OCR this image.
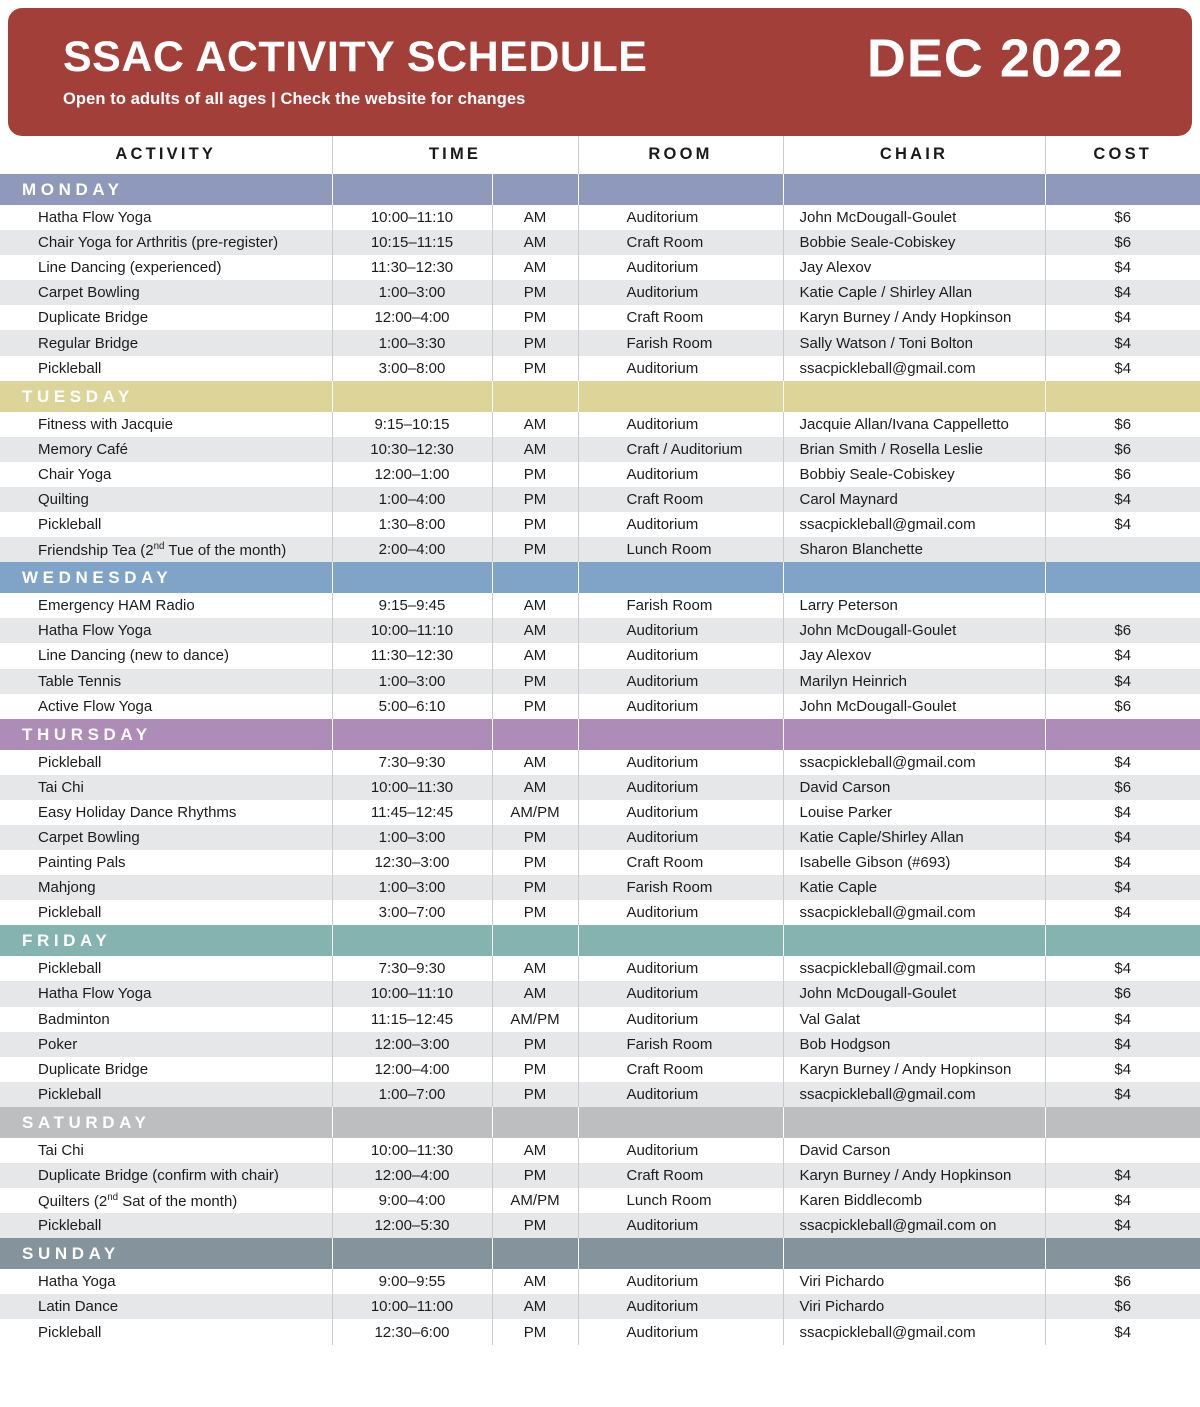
SSAC ACTIVITY SCHEDULE
Open to adults of all ages | Check the website for changes
DEC 2022
ACTIVITY	TIME		ROOM	CHAIR	COST

MONDAY					

Hatha Flow Yoga	10:00–11:10	AM	Auditorium	John McDougall-Goulet	$6
Chair Yoga for Arthritis (pre-register)	10:15–11:15	AM	Craft Room	Bobbie Seale-Cobiskey	$6
Line Dancing (experienced)	11:30–12:30	AM	Auditorium	Jay Alexov	$4
Carpet Bowling	1:00–3:00	PM	Auditorium	Katie Caple / Shirley Allan	$4
Duplicate Bridge	12:00–4:00	PM	Craft Room	Karyn Burney / Andy Hopkinson	$4
Regular Bridge	1:00–3:30	PM	Farish Room	Sally Watson / Toni Bolton	$4
Pickleball	3:00–8:00	PM	Auditorium	ssacpickleball@gmail.com	$4

TUESDAY					

Fitness with Jacquie	9:15–10:15	AM	Auditorium	Jacquie Allan/Ivana Cappelletto	$6
Memory Café	10:30–12:30	AM	Craft / Auditorium	Brian Smith / Rosella Leslie	$6
Chair Yoga	12:00–1:00	PM	Auditorium	Bobbiy Seale-Cobiskey	$6
Quilting	1:00–4:00	PM	Craft Room	Carol Maynard	$4
Pickleball	1:30–8:00	PM	Auditorium	ssacpickleball@gmail.com	$4
Friendship Tea (2nd Tue of the month)	2:00–4:00	PM	Lunch Room	Sharon Blanchette	

WEDNESDAY					

Emergency HAM Radio	9:15–9:45	AM	Farish Room	Larry Peterson	
Hatha Flow Yoga	10:00–11:10	AM	Auditorium	John McDougall-Goulet	$6
Line Dancing (new to dance)	11:30–12:30	AM	Auditorium	Jay Alexov	$4
Table Tennis	1:00–3:00	PM	Auditorium	Marilyn Heinrich	$4
Active Flow Yoga	5:00–6:10	PM	Auditorium	John McDougall-Goulet	$6

THURSDAY					

Pickleball	7:30–9:30	AM	Auditorium	ssacpickleball@gmail.com	$4
Tai Chi	10:00–11:30	AM	Auditorium	David Carson	$6
Easy Holiday Dance Rhythms	11:45–12:45	AM/PM	Auditorium	Louise Parker	$4
Carpet Bowling	1:00–3:00	PM	Auditorium	Katie Caple/Shirley Allan	$4
Painting Pals	12:30–3:00	PM	Craft Room	Isabelle Gibson (#693)	$4
Mahjong	1:00–3:00	PM	Farish Room	Katie Caple	$4
Pickleball	3:00–7:00	PM	Auditorium	ssacpickleball@gmail.com	$4

FRIDAY					

Pickleball	7:30–9:30	AM	Auditorium	ssacpickleball@gmail.com	$4
Hatha Flow Yoga	10:00–11:10	AM	Auditorium	John McDougall-Goulet	$6
Badminton	11:15–12:45	AM/PM	Auditorium	Val Galat	$4
Poker	12:00–3:00	PM	Farish Room	Bob Hodgson	$4
Duplicate Bridge	12:00–4:00	PM	Craft Room	Karyn Burney / Andy Hopkinson	$4
Pickleball	1:00–7:00	PM	Auditorium	ssacpickleball@gmail.com	$4

SATURDAY					

Tai Chi	10:00–11:30	AM	Auditorium	David Carson	
Duplicate Bridge (confirm with chair)	12:00–4:00	PM	Craft Room	Karyn Burney / Andy Hopkinson	$4
Quilters (2nd Sat of the month)	9:00–4:00	AM/PM	Lunch Room	Karen Biddlecomb	$4
Pickleball	12:00–5:30	PM	Auditorium	ssacpickleball@gmail.com on	$4

SUNDAY					

Hatha Yoga	9:00–9:55	AM	Auditorium	Viri Pichardo	$6
Latin Dance	10:00–11:00	AM	Auditorium	Viri Pichardo	$6
Pickleball	12:30–6:00	PM	Auditorium	ssacpickleball@gmail.com	$4
